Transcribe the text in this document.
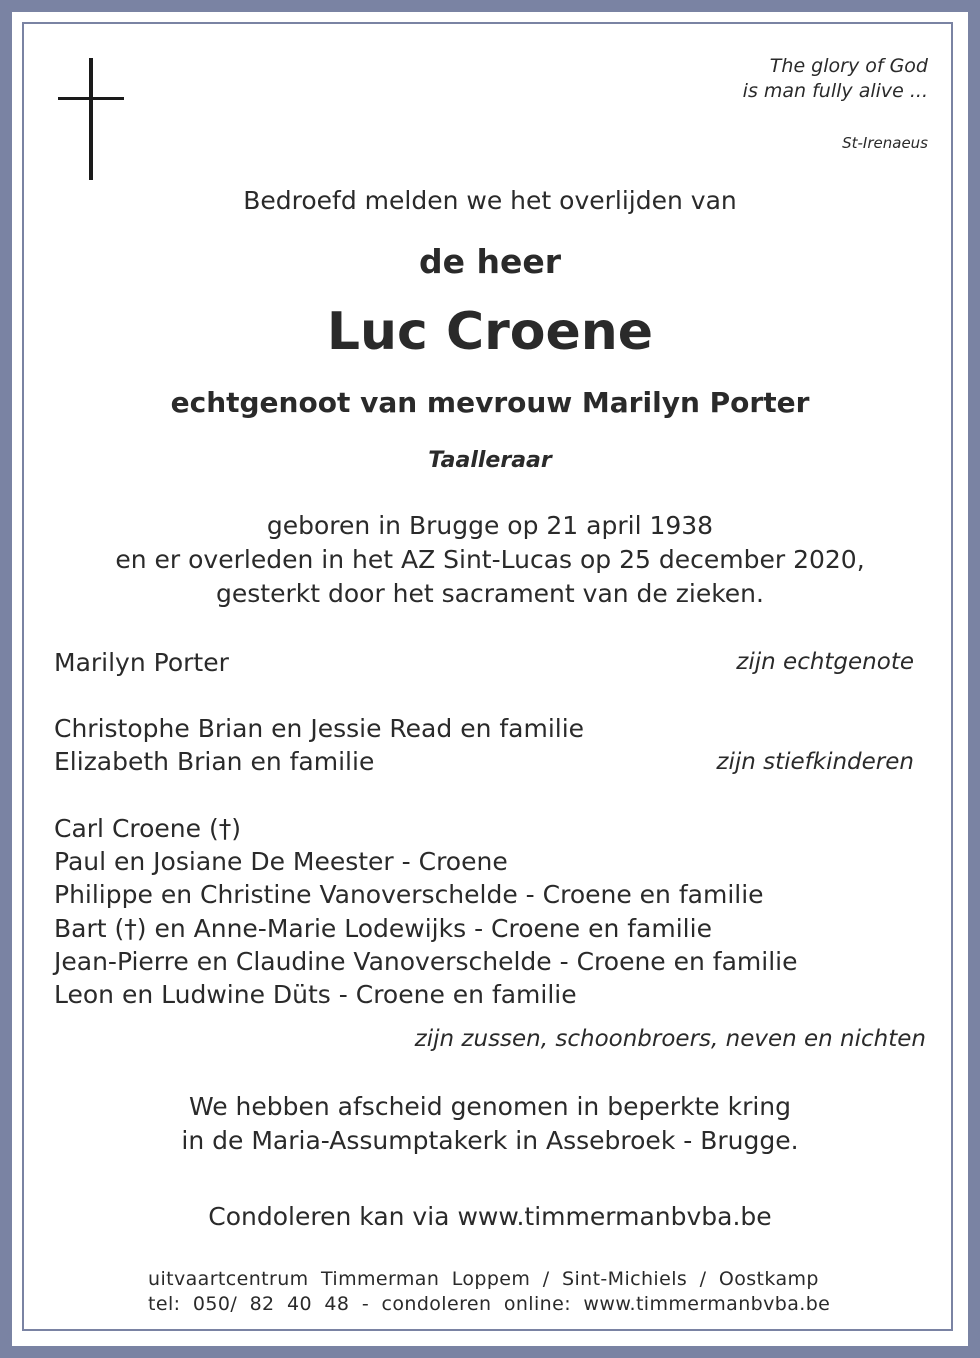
The glory of God
is man fully alive ...
St-Irenaeus
Bedroefd melden we het overlijden van
de heer
Luc Croene
echtgenoot van mevrouw Marilyn Porter
Taalleraar
geboren in Brugge op 21 april 1938
en er overleden in het AZ Sint-Lucas op 25 december 2020,
gesterkt door het sacrament van de zieken.
Marilyn Porter	zijn echtgenote
Christophe Brian en Jessie Read en familie
Elizabeth Brian en familie	zijn stiefkinderen
Carl Croene (†)
Paul en Josiane De Meester - Croene
Philippe en Christine Vanoverschelde - Croene en familie
Bart (†) en Anne-Marie Lodewijks - Croene en familie
Jean-Pierre en Claudine Vanoverschelde - Croene en familie
Leon en Ludwine Düts - Croene en familie
zijn zussen, schoonbroers, neven en nichten
We hebben afscheid genomen in beperkte kring
in de Maria-Assumptakerk in Assebroek - Brugge.
Condoleren kan via www.timmermanbvba.be
uitvaartcentrum Timmerman Loppem / Sint-Michiels / Oostkamp
tel: 050/ 82 40 48 - condoleren online: www.timmermanbvba.be
